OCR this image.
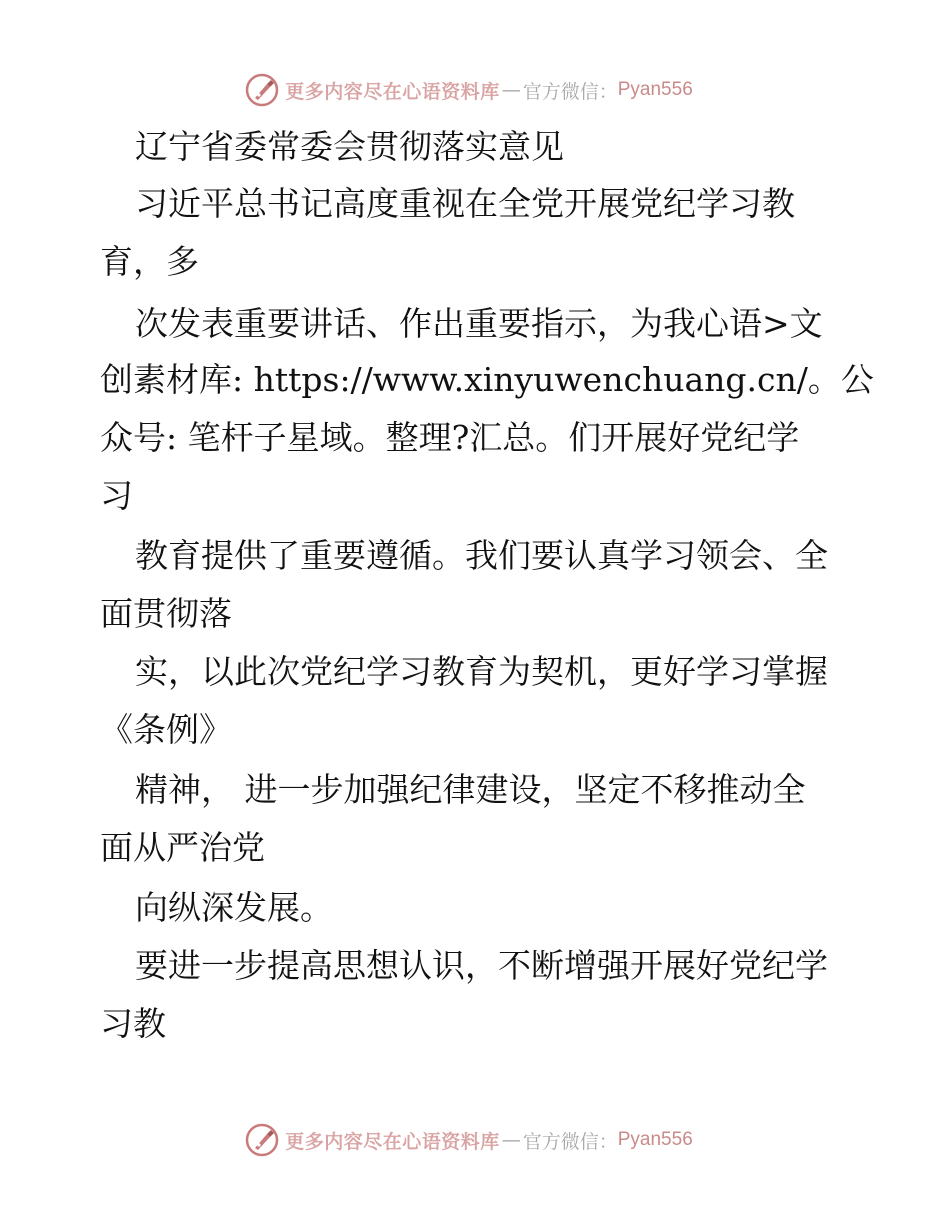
更多内容尽在心语资料库 — 官方微信： Pyan556
辽宁省委常委会贯彻落实意见
习近平总书记高度重视在全党开展党纪学习教
育，多
次发表重要讲话、作出重要指示，为我心语>文
创素材库: https://www.xinyuwenchuang.cn/。公
众号: 笔杆子星域。整理?汇总。们开展好党纪学
习
教育提供了重要遵循。我们要认真学习领会、全
面贯彻落
实，以此次党纪学习教育为契机，更好学习掌握
《条例》
精神， 进一步加强纪律建设，坚定不移推动全
面从严治党
向纵深发展。
要进一步提高思想认识，不断增强开展好党纪学
习教
更多内容尽在心语资料库 — 官方微信： Pyan556
